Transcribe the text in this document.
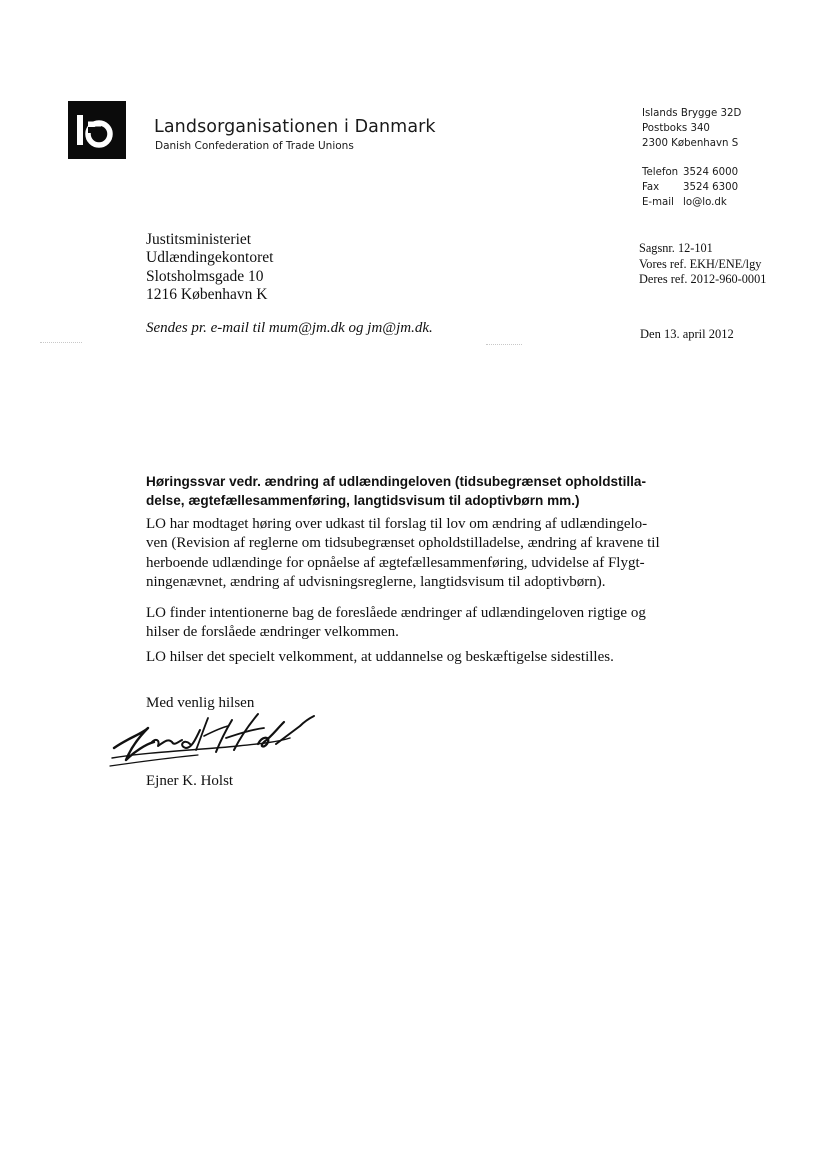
Landsorganisationen i Danmark
Danish Confederation of Trade Unions
Islands Brygge 32D
Postboks 340
2300 København S
Telefon 3524 6000
Fax	3524 6300
E-mail lo@lo.dk
Justitsministeriet
Udlændingekontoret
Slotsholmsgade 10
1216 København K
Sagsnr. 12-101
Vores ref. EKH/ENE/lgy
Deres ref. 2012-960-0001
Sendes pr. e-mail til mum@jm.dk og jm@jm.dk.	Den 13. april 2012
Høringssvar vedr. ændring af udlændingeloven (tidsubegrænset opholdstilla-
delse, ægtefællesammenføring, langtidsvisum til adoptivbørn mm.)
LO har modtaget høring over udkast til forslag til lov om ændring af udlændingelo-
ven (Revision af reglerne om tidsubegrænset opholdstilladelse, ændring af kravene til
herboende udlændinge for opnåelse af ægtefællesammenføring, udvidelse af Flygt-
ningenævnet, ændring af udvisningsreglerne, langtidsvisum til adoptivbørn).
LO finder intentionerne bag de foreslåede ændringer af udlændingeloven rigtige og
hilser de forslåede ændringer velkommen.
LO hilser det specielt velkomment, at uddannelse og beskæftigelse sidestilles.
Med venlig hilsen
Ejner K. Holst
